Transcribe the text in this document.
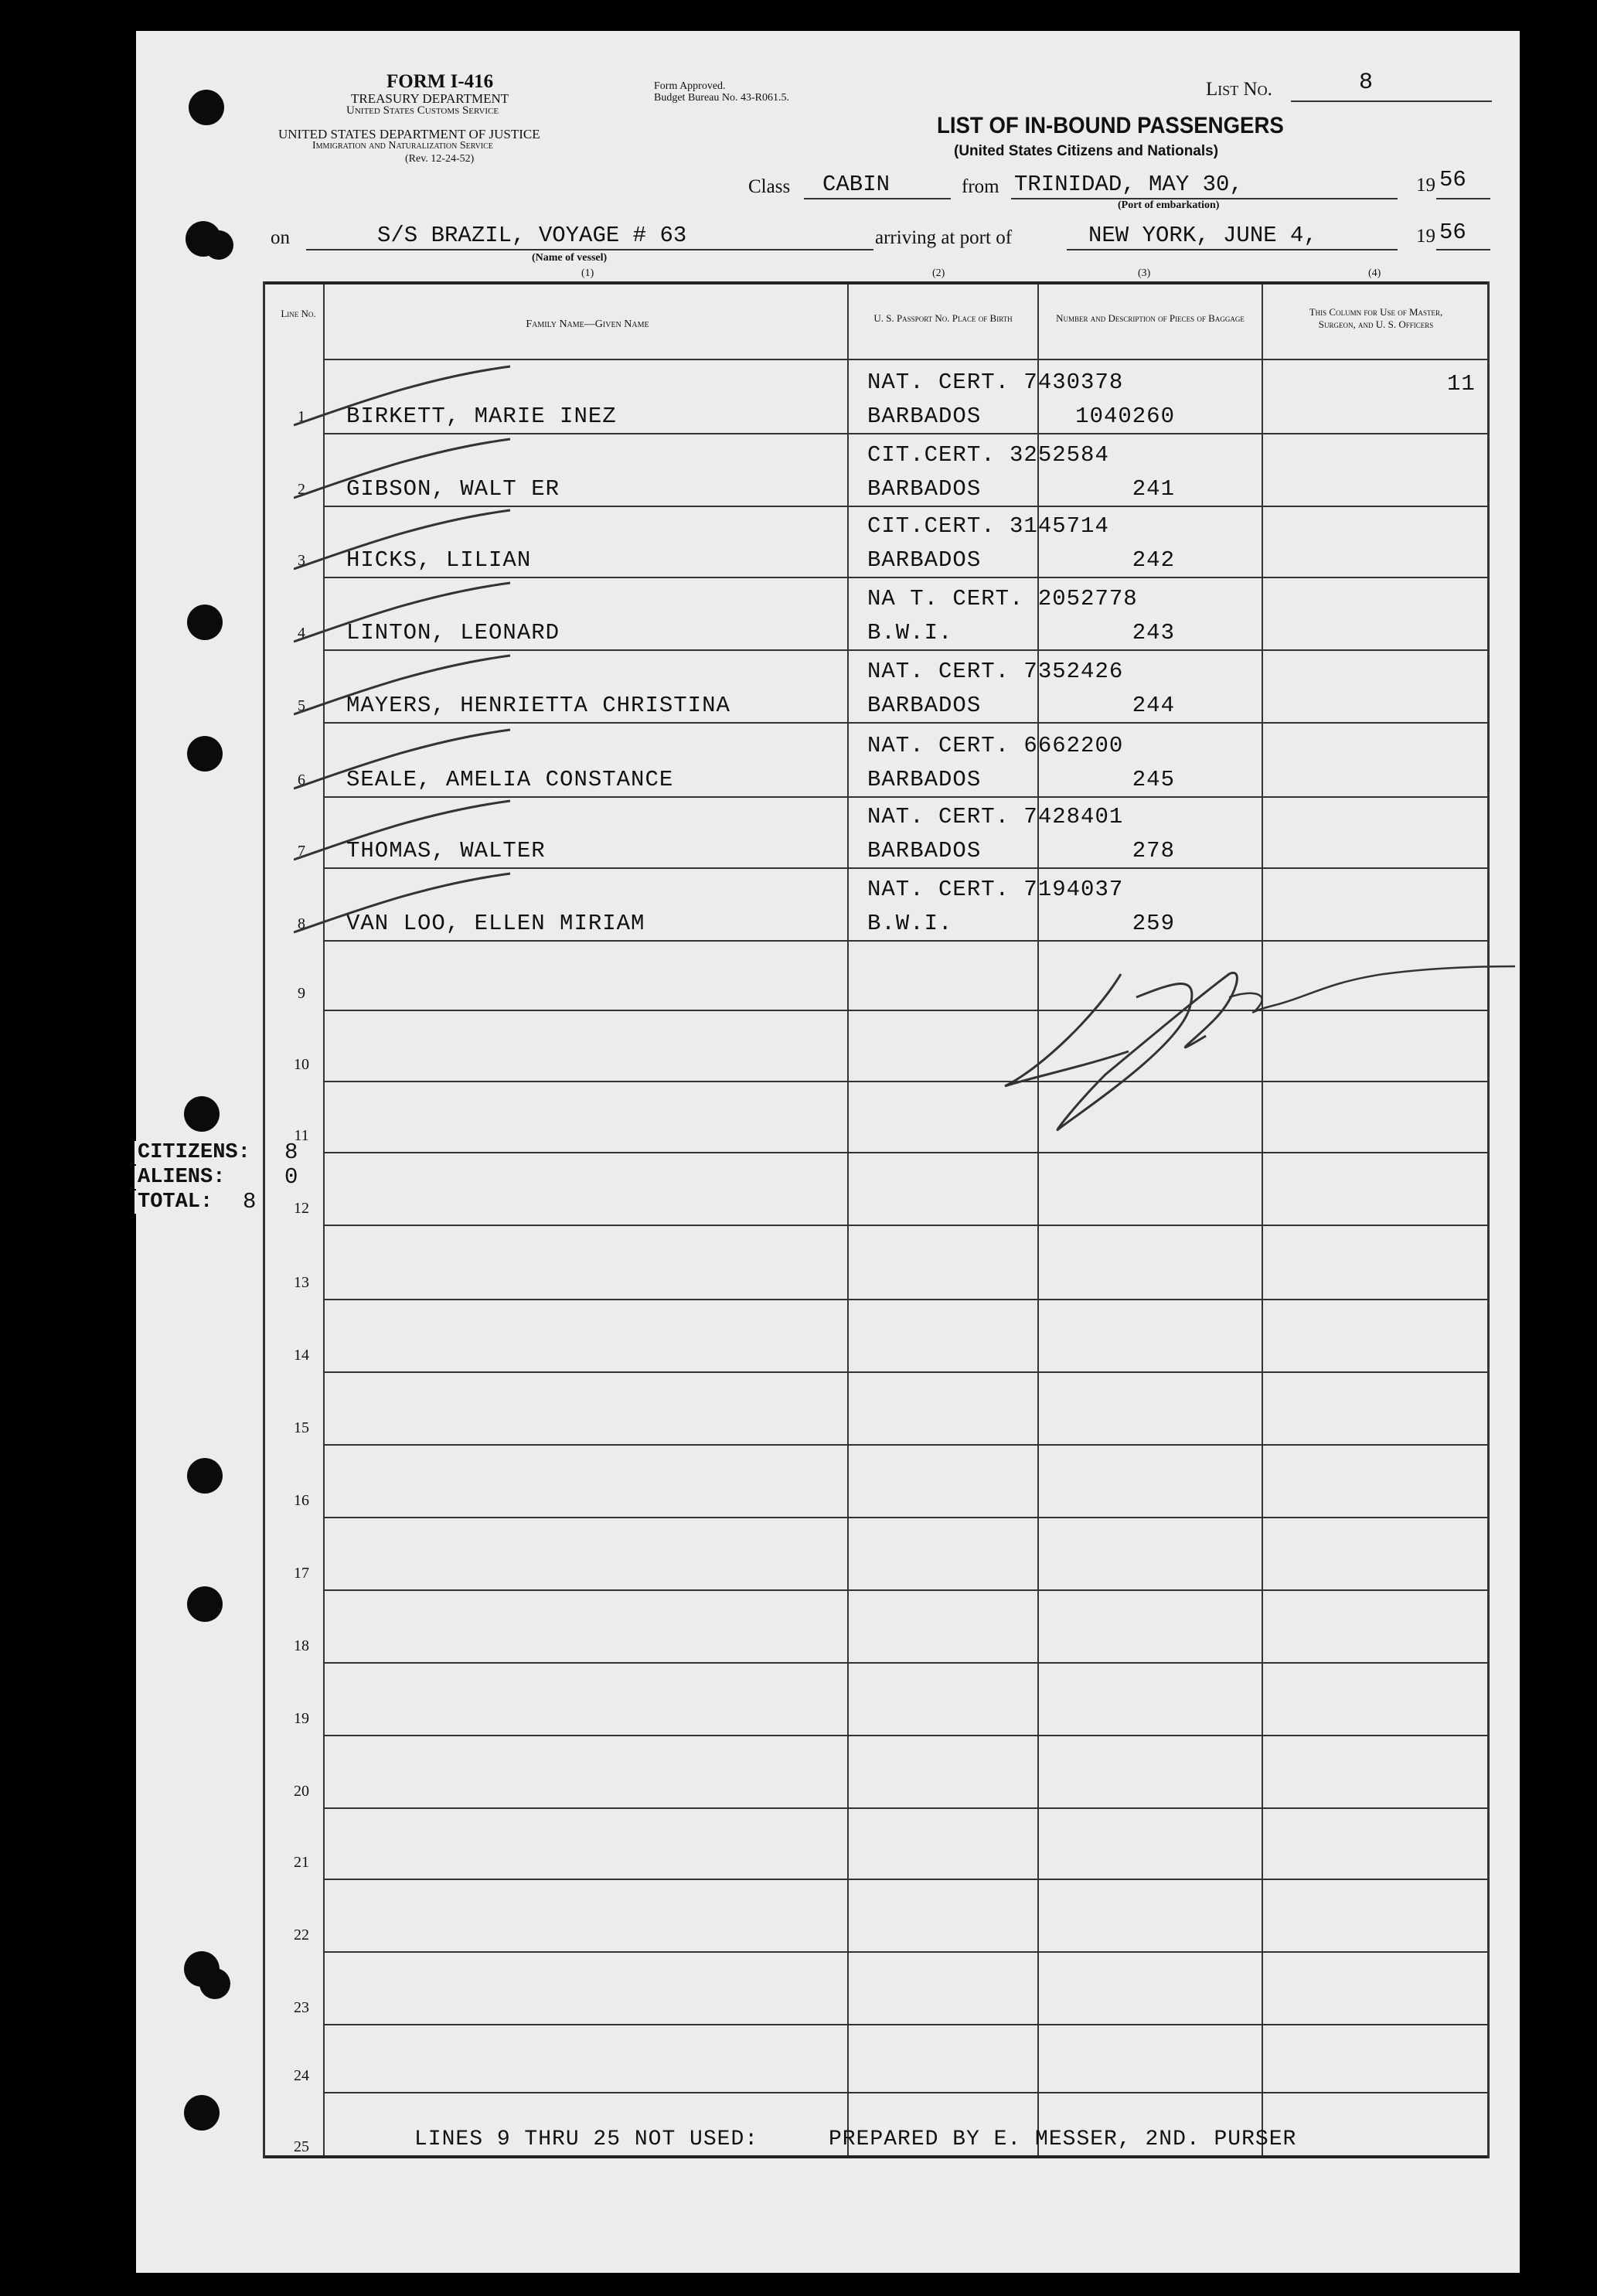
FORM I-416
TREASURY DEPARTMENT
United States Customs Service
UNITED STATES DEPARTMENT OF JUSTICE
Immigration and Naturalization Service
(Rev. 12-24-52)
Form Approved.
Budget Bureau No. 43-R061.5.	List No.	8
LIST OF IN-BOUND PASSENGERS
(United States Citizens and Nationals)
Class CABIN	from TRINIDAD, MAY 30,
(Port of embarkation)
19 56
on	S/S BRAZIL, VOYAGE # 63
(Name of vessel)
arriving at port of	NEW YORK, JUNE 4,	19 56
(1)	(2)	(3)	(4)
Line No.
Family Name—Given Name
U. S. Passport No. Place of Birth	Number and Description of Pieces of Baggage
This Column for Use of Master, Surgeon, and U. S. Officers
1	BIRKETT, MARIE INEZ
NAT. CERT. 7430378
BARBADOS	1040260
11
2	GIBSON, WALT ER
CIT.CERT. 3252584
BARBADOS	241
3	HICKS, LILIAN
CIT.CERT. 3145714
BARBADOS	242
4	LINTON, LEONARD
NA T. CERT. 2052778
B.W.I.	243
5	MAYERS, HENRIETTA CHRISTINA
NAT. CERT. 7352426
BARBADOS	244
6	SEALE, AMELIA CONSTANCE
NAT. CERT. 6662200
BARBADOS	245
7	THOMAS, WALTER
NAT. CERT. 7428401
BARBADOS	278
8	VAN LOO, ELLEN MIRIAM
NAT. CERT. 7194037
B.W.I.	259
9
10
11
12
13
14
15
16
17
18
19
20
21
22
23
24
25
CITIZENS: 8
ALIENS:	0
TOTAL: 8
LINES 9 THRU 25 NOT USED:	PREPARED BY E. MESSER, 2ND. PURSER
